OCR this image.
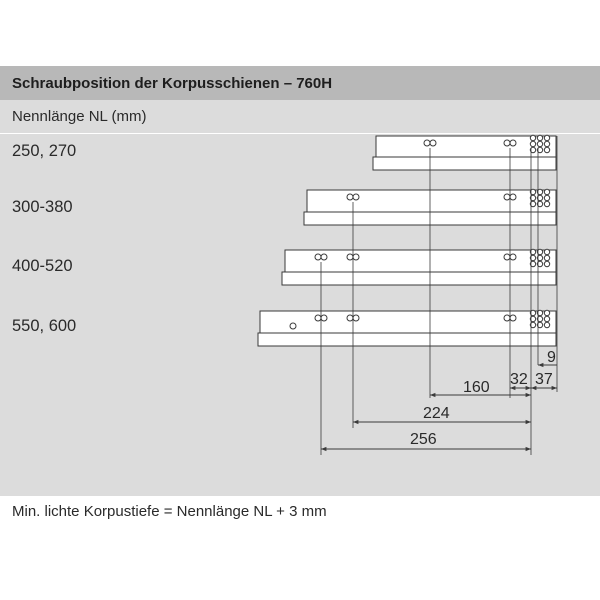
Schraubposition der Korpusschienen – 760H
Nennlänge NL (mm)
250, 270
300-380
400-520
550, 600
9
32 37
160
224
256
Min. lichte Korpustiefe = Nennlänge NL + 3 mm
